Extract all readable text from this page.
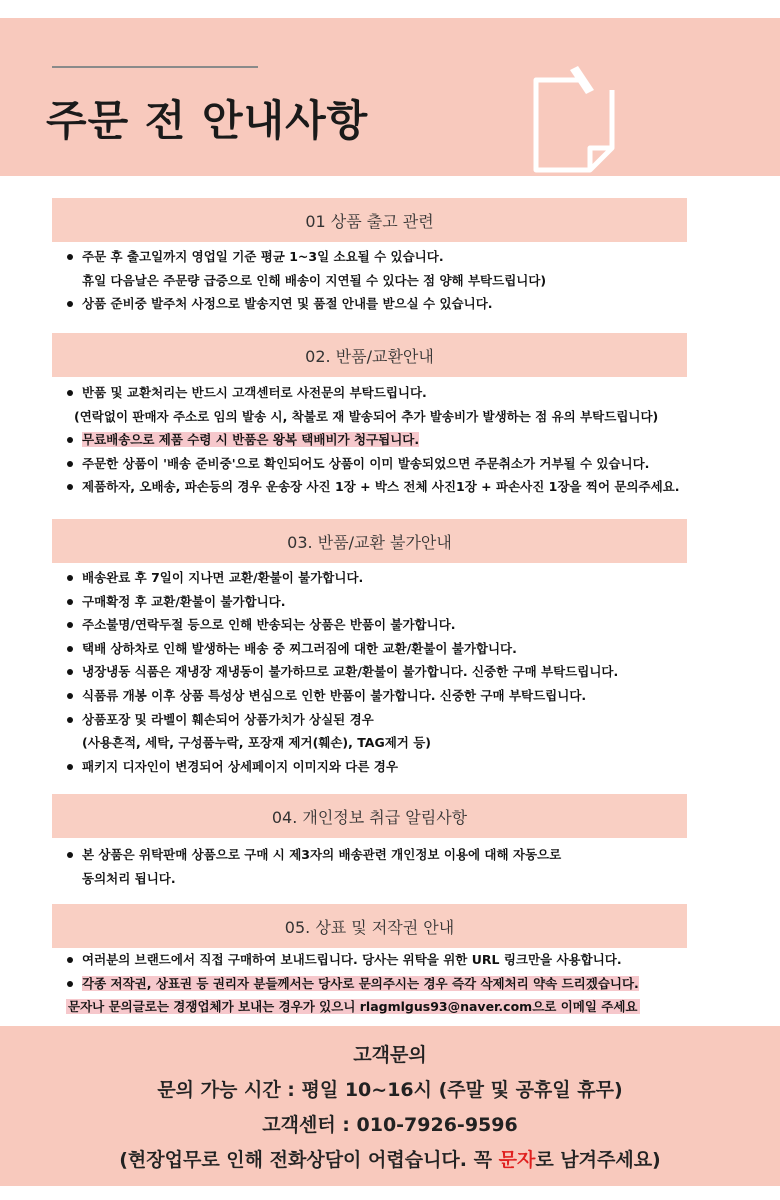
주문 전 안내사항
01 상품 출고 관련
주문 후 출고일까지 영업일 기준 평균 1~3일 소요될 수 있습니다.
휴일 다음날은 주문량 급증으로 인해 배송이 지연될 수 있다는 점 양해 부탁드립니다)
상품 준비중 발주처 사정으로 발송지연 및 품절 안내를 받으실 수 있습니다.
02. 반품/교환안내
반품 및 교환처리는 반드시 고객센터로 사전문의 부탁드립니다.
(연락없이 판매자 주소로 임의 발송 시, 착불로 재 발송되어 추가 발송비가 발생하는 점 유의 부탁드립니다)
무료배송으로 제품 수령 시 반품은 왕복 택배비가 청구됩니다.
주문한 상품이 '배송 준비중'으로 확인되어도 상품이 이미 발송되었으면 주문취소가 거부될 수 있습니다.
제품하자, 오배송, 파손등의 경우 운송장 사진 1장 + 박스 전체 사진1장 + 파손사진 1장을 찍어 문의주세요.
03. 반품/교환 불가안내
배송완료 후 7일이 지나면 교환/환불이 불가합니다.
구매확정 후 교환/환불이 불가합니다.
주소불명/연락두절 등으로 인해 반송되는 상품은 반품이 불가합니다.
택배 상하차로 인해 발생하는 배송 중 찌그러짐에 대한 교환/환불이 불가합니다.
냉장냉동 식품은 재냉장 재냉동이 불가하므로 교환/환불이 불가합니다. 신중한 구매 부탁드립니다.
식품류 개봉 이후 상품 특성상 변심으로 인한 반품이 불가합니다. 신중한 구매 부탁드립니다.
상품포장 및 라벨이 훼손되어 상품가치가 상실된 경우
(사용흔적, 세탁, 구성품누락, 포장재 제거(훼손), TAG제거 등)
패키지 디자인이 변경되어 상세페이지 이미지와 다른 경우
04. 개인정보 취급 알림사항
본 상품은 위탁판매 상품으로 구매 시 제3자의 배송관련 개인정보 이용에 대해 자동으로
동의처리 됩니다.
05. 상표 및 저작권 안내
여러분의 브랜드에서 직접 구매하여 보내드립니다. 당사는 위탁을 위한 URL 링크만을 사용합니다.
각종 저작권, 상표권 등 권리자 분들께서는 당사로 문의주시는 경우 즉각 삭제처리 약속 드리겠습니다.
문자나 문의글로는 경쟁업체가 보내는 경우가 있으니 rlagmlgus93@naver.com으로 이메일 주세요
고객문의
문의 가능 시간 : 평일 10~16시 (주말 및 공휴일 휴무)
고객센터 : 010-7926-9596
(현장업무로 인해 전화상담이 어렵습니다. 꼭 문자로 남겨주세요)
